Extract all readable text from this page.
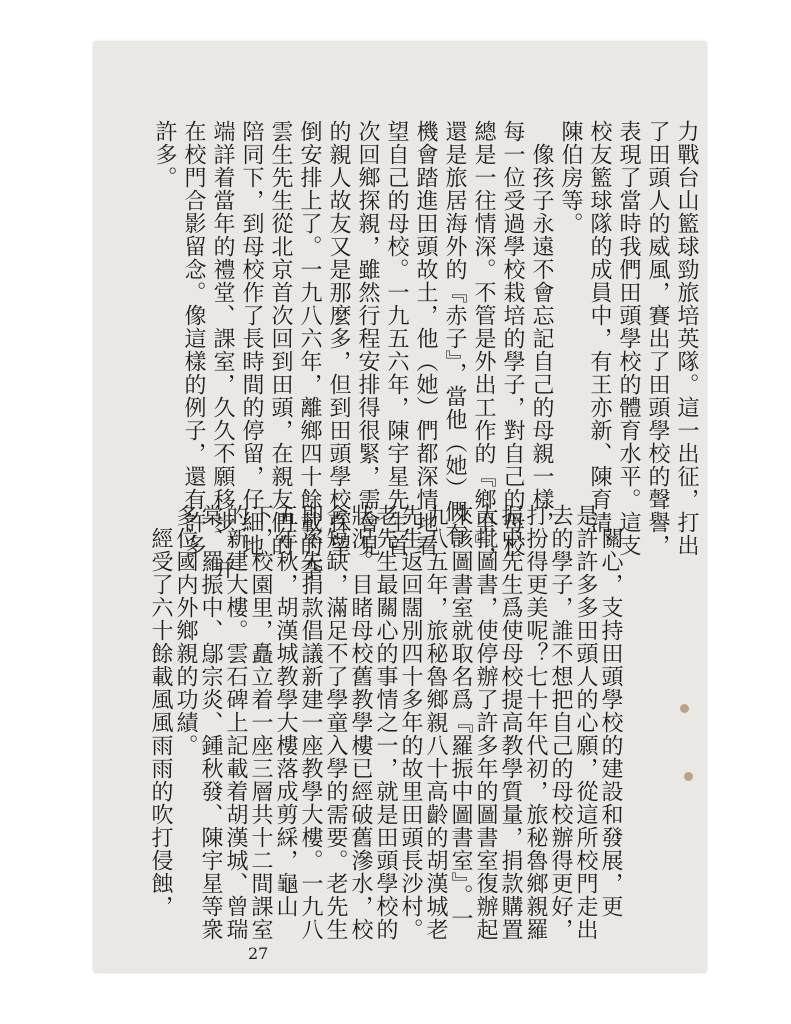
力戰台山籃球勁旅培英隊。這一出征，打出
了田頭人的威風，賽出了田頭學校的聲譽，
表現了當時我們田頭學校的體育水平。這支
校友籃球隊的成員中，有王亦新、陳育清、
陳伯房等。
　像孩子永遠不會忘記自己的母親一樣，
每一位受過學校栽培的學子，對自己的母校
總是一往情深。不管是外出工作的『鄉里』，
還是旅居海外的『赤子』，當他（她）們有
機會踏進田頭故土，他（她）們都深情地看
望自己的母校。一九五六年，陳宇星先生首
次回鄉探親，雖然行程安排得很緊，需會見
的親人故友又是那麼多，但到田頭學校探望
倒安排上了。一九八六年，離鄉四十餘載的李
雲生先生從北京首次回到田頭，在親友們的
陪同下，到母校作了長時間的停留，仔細地
端詳着當年的禮堂、課室，久久不願移步，并
在校門合影留念。像這樣的例子，還有許多
許多。
　關心，支持田頭學校的建設和發展，更
是許許多多田頭人的心願，從這所校門走出
去的學子，誰不想把自己的母校辦得更好，
打扮得更美呢？七十年代初，旅秘魯鄉親羅
振中先生爲使母校提高教學質量，捐款購置
大批圖書，使停辦了許多年的圖書室復辦起
來該圖書室就取名爲『羅振中圖書室』。一
九八五年，旅秘魯鄉親八十高齡的胡漢城老
先生返回闊別四十多年的故里田頭長沙村。
老先生最關心的事情之一，就是田頭學校的
狀況。目睹母校舊教學樓已經破舊滲水，校
舍短缺，滿足不了學童入學的需要。老先生
即率先捐款倡議新建一座教學大樓。一九八
五年秋，胡漢城教學大樓落成剪綵，龜山
下，校園里，矗立着一座三層共十二間課室
的新建大樓。雲石碑上記載着胡漢城、曾瑞
棠、羅振中、鄔宗炎、鍾秋發、陳宇星等衆
多位國内外鄉親的功績。
　經受了六十餘載風風雨雨的吹打侵蝕，
27
